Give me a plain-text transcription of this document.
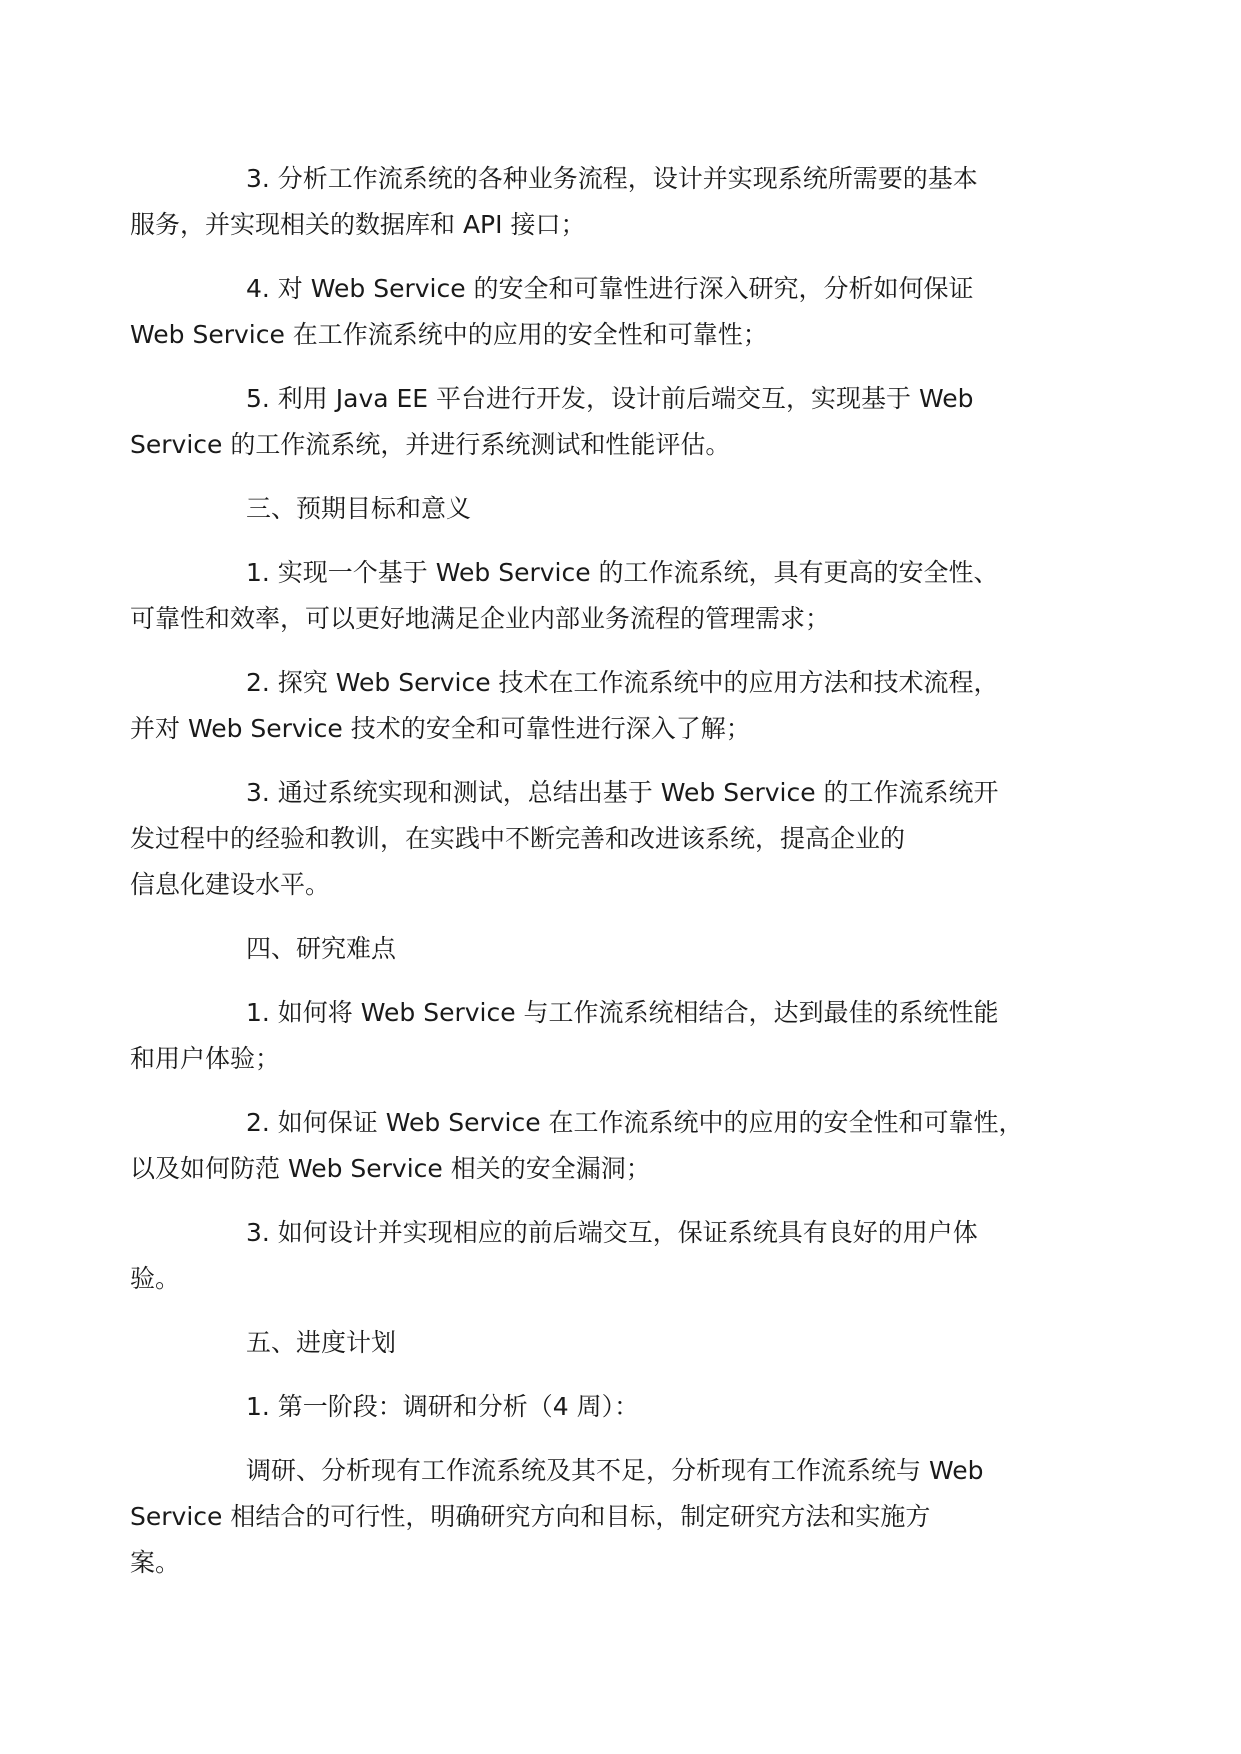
3. 分析工作流系统的各种业务流程，设计并实现系统所需要的基本
服务，并实现相关的数据库和 API 接口；

4. 对 Web Service 的安全和可靠性进行深入研究，分析如何保证
Web Service 在工作流系统中的应用的安全性和可靠性；

5. 利用 Java EE 平台进行开发，设计前后端交互，实现基于 Web
Service 的工作流系统，并进行系统测试和性能评估。

三、预期目标和意义

1. 实现一个基于 Web Service 的工作流系统，具有更高的安全性、
可靠性和效率，可以更好地满足企业内部业务流程的管理需求；

2. 探究 Web Service 技术在工作流系统中的应用方法和技术流程，
并对 Web Service 技术的安全和可靠性进行深入了解；

3. 通过系统实现和测试，总结出基于 Web Service 的工作流系统开
发过程中的经验和教训，在实践中不断完善和改进该系统，提高企业的
信息化建设水平。

四、研究难点

1. 如何将 Web Service 与工作流系统相结合，达到最佳的系统性能
和用户体验；

2. 如何保证 Web Service 在工作流系统中的应用的安全性和可靠性，
以及如何防范 Web Service 相关的安全漏洞；

3. 如何设计并实现相应的前后端交互，保证系统具有良好的用户体
验。

五、进度计划

1. 第一阶段：调研和分析（4 周）：

调研、分析现有工作流系统及其不足，分析现有工作流系统与 Web
Service 相结合的可行性，明确研究方向和目标，制定研究方法和实施方
案。
